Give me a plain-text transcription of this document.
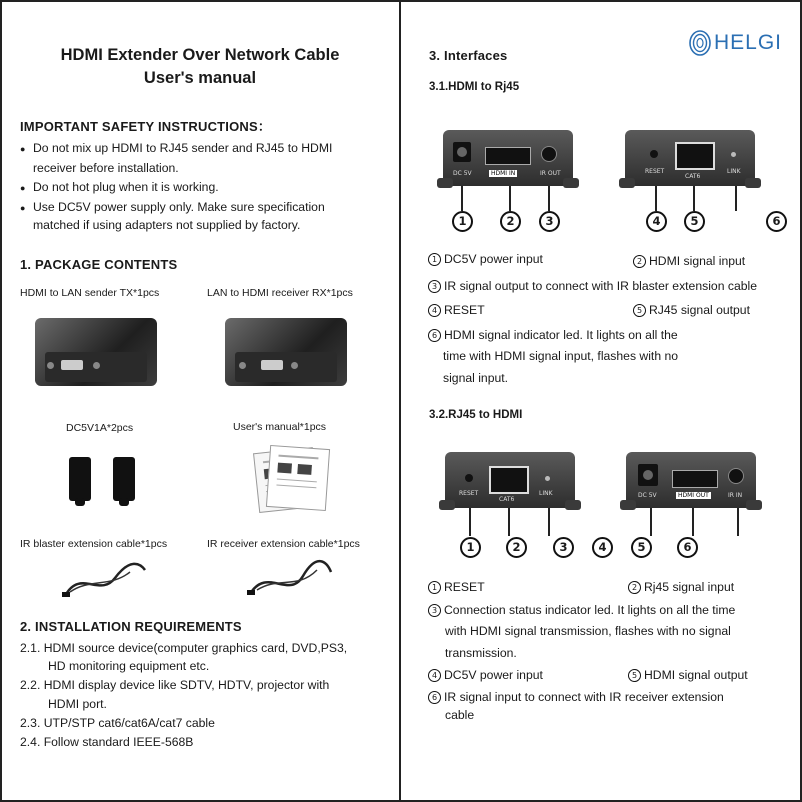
HDMI Extender Over Network Cable
User's manual
IMPORTANT SAFETY INSTRUCTIONS：
● Do not mix up HDMI to RJ45 sender and RJ45 to HDMI
receiver before installation.
● Do not hot plug when it is working.
● Use DC5V power supply only. Make sure specification
matched if using adapters not supplied by factory.
1. PACKAGE CONTENTS
HDMI to LAN sender TX*1pcs	LAN to HDMI receiver RX*1pcs
DC5V1A*2pcs	User's manual*1pcs
IR blaster extension cable*1pcs	IR receiver extension cable*1pcs
2. INSTALLATION REQUIREMENTS
2.1. HDMI source device(computer graphics card, DVD,PS3,
HD monitoring equipment etc.
2.2. HDMI display device like SDTV, HDTV, projector with
HDMI port.
2.3. UTP/STP cat6/cat6A/cat7 cable
2.4. Follow standard IEEE-568B
3. Interfaces
HELGI
3.1.HDMI to Rj45
DC 5V	HDMI IN	IR OUT	RESET
CAT6
LINK
1	2	3	4	5	6
1 DC5V power input	2 HDMI signal input
3 IR signal output to connect with IR blaster extension cable
4 RESET	5 RJ45 signal output
6 HDMI signal indicator led. It lights on all the
time with HDMI signal input, flashes with no
signal input.
3.2.RJ45 to HDMI
RESET
CAT6
LINK	DC 5V	HDMI OUT	IR IN
1	2	3	4	5	6
1 RESET	2 Rj45 signal input
3 Connection status indicator led. It lights on all the time
with HDMI signal transmission, flashes with no signal
transmission.
4 DC5V power input	5 HDMI signal output
6 IR signal input to connect with IR receiver extension
cable
